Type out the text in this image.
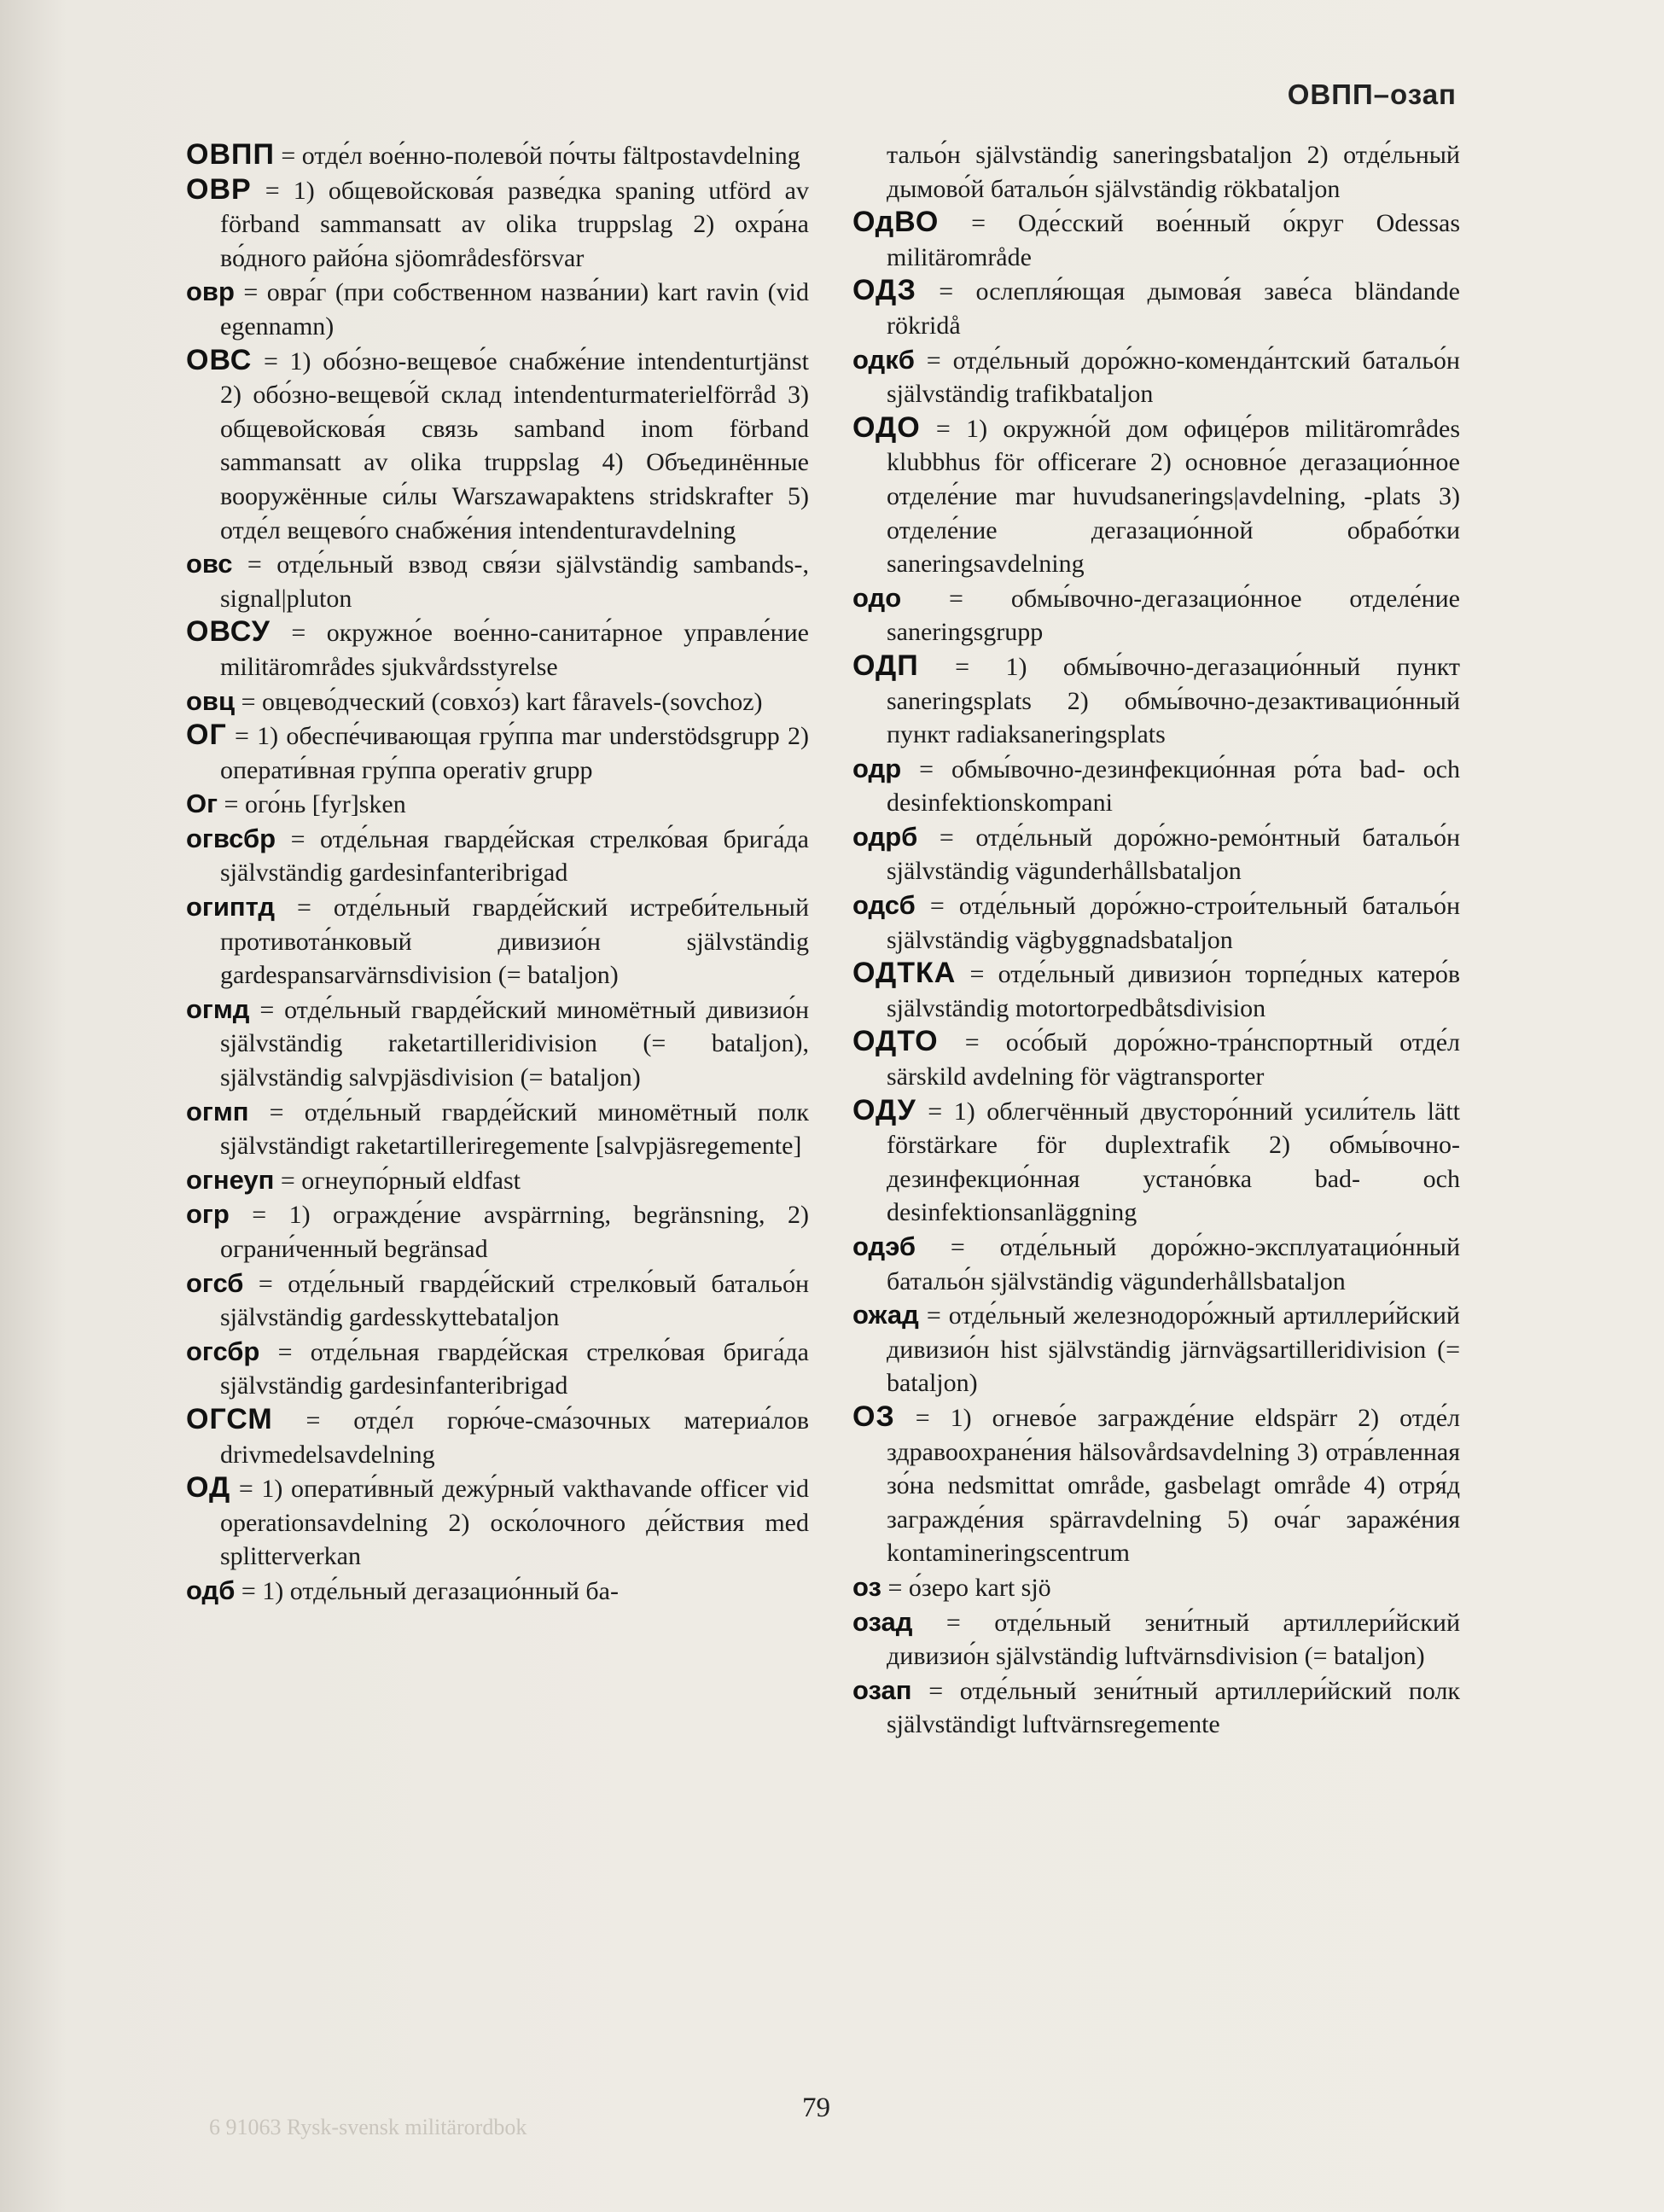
ОВПП–озап
ОВПП = отде́л вое́нно-полево́й по́чты fältpostavdelning
ОВР = 1) общевойскова́я разве́дка spaning utförd av förband sammansatt av olika truppslag 2) охра́на во́дного райо́на sjöområdesförsvar
овр = овра́г (при собственном назва́нии) kart ravin (vid egennamn)
ОВС = 1) обо́зно-вещево́е снабже́ние intendenturtjänst 2) обо́зно-вещево́й склад intendenturmaterielförråd 3) общевойскова́я связь samband inom förband sammansatt av olika truppslag 4) Объединённые вооружённые си́лы Warszawapaktens stridskrafter 5) отде́л вещево́го снабже́ния intendenturavdelning
овс = отде́льный взвод свя́зи självständig sambands-, signal|pluton
ОВСУ = окружно́е вое́нно-санита́рное управле́ние militärområdes sjukvårdsstyrelse
овц = овцево́дческий (совхо́з) kart fåravels-(sovchoz)
ОГ = 1) обеспе́чивающая гру́ппа mar understödsgrupp 2) операти́вная гру́ппа operativ grupp
Ог = ого́нь [fyr]sken
огвсбр = отде́льная гварде́йская стрелко́вая брига́да självständig gardesinfanteribrigad
огиптд = отде́льный гварде́йский истреби́тельный противота́нковый дивизио́н självständig gardespansarvärnsdivision (= bataljon)
огмд = отде́льный гварде́йский миномётный дивизио́н självständig raketartilleridivision (= bataljon), självständig salvpjäsdivision (= bataljon)
огмп = отде́льный гварде́йский миномётный полк självständigt raketartilleriregemente [salvpjäsregemente]
огнеуп = огнеупо́рный eldfast
огр = 1) огражде́ние avspärrning, begränsning, 2) ограни́ченный begränsad
огсб = отде́льный гварде́йский стрелко́вый батальо́н självständig gardesskyttebataljon
огсбр = отде́льная гварде́йская стрелко́вая брига́да självständig gardesinfanteribrigad
ОГСМ = отде́л горю́че-сма́зочных материа́лов drivmedelsavdelning
ОД = 1) операти́вный дежу́рный vakthavande officer vid operationsavdelning 2) оско́лочного де́йствия med splitterverkan
одб = 1) отде́льный дегазацио́нный ба-
тальо́н självständig saneringsbataljon 2) отде́льный дымово́й батальо́н självständig rökbataljon
ОдВО = Оде́сский вое́нный о́круг Odessas militärområde
ОДЗ = ослепля́ющая дымова́я заве́са bländande rökridå
одкб = отде́льный доро́жно-коменда́нтский батальо́н självständig trafikbataljon
ОДО = 1) окружно́й дом офице́ров militärområdes klubbhus för officerare 2) основно́е дегазацио́нное отделе́ние mar huvudsanerings|avdelning, -plats 3) отделе́ние дегазацио́нной обрабо́тки saneringsavdelning
одо = обмы́вочно-дегазацио́нное отделе́ние saneringsgrupp
ОДП = 1) обмы́вочно-дегазацио́нный пункт saneringsplats 2) обмы́вочно-дезактивацио́нный пункт radiaksaneringsplats
одр = обмы́вочно-дезинфекцио́нная ро́та bad- och desinfektionskompani
одрб = отде́льный доро́жно-ремо́нтный батальо́н självständig vägunderhållsbataljon
одсб = отде́льный доро́жно-строи́тельный батальо́н självständig vägbyggnadsbataljon
ОДТКА = отде́льный дивизио́н торпе́дных катеро́в självständig motortorpedbåtsdivision
ОДТО = осо́бый доро́жно-тра́нспортный отде́л särskild avdelning för vägtransporter
ОДУ = 1) облегчённый двусторо́нний усили́тель lätt förstärkare för duplextrafik 2) обмы́вочно-дезинфекцио́нная устано́вка bad- och desinfektionsanläggning
одэб = отде́льный доро́жно-эксплуатацио́нный батальо́н självständig vägunderhållsbataljon
ожад = отде́льный железнодоро́жный артиллери́йский дивизио́н hist självständig järnvägsartilleridivision (= bataljon)
ОЗ = 1) огнево́е загражде́ние eldspärr 2) отде́л здравоохране́ния hälsovårdsavdelning 3) отра́вленная зо́на nedsmittat område, gasbelagt område 4) отря́д загражде́ния spärravdelning 5) оча́г заражéния kontamineringscentrum
оз = о́зеро kart sjö
озад = отде́льный зени́тный артиллери́йский дивизио́н självständig luftvärnsdivision (= bataljon)
озап = отде́льный зени́тный артиллери́йский полк självständigt luftvärnsregemente
79
6 91063 Rysk-svensk militärordbok
